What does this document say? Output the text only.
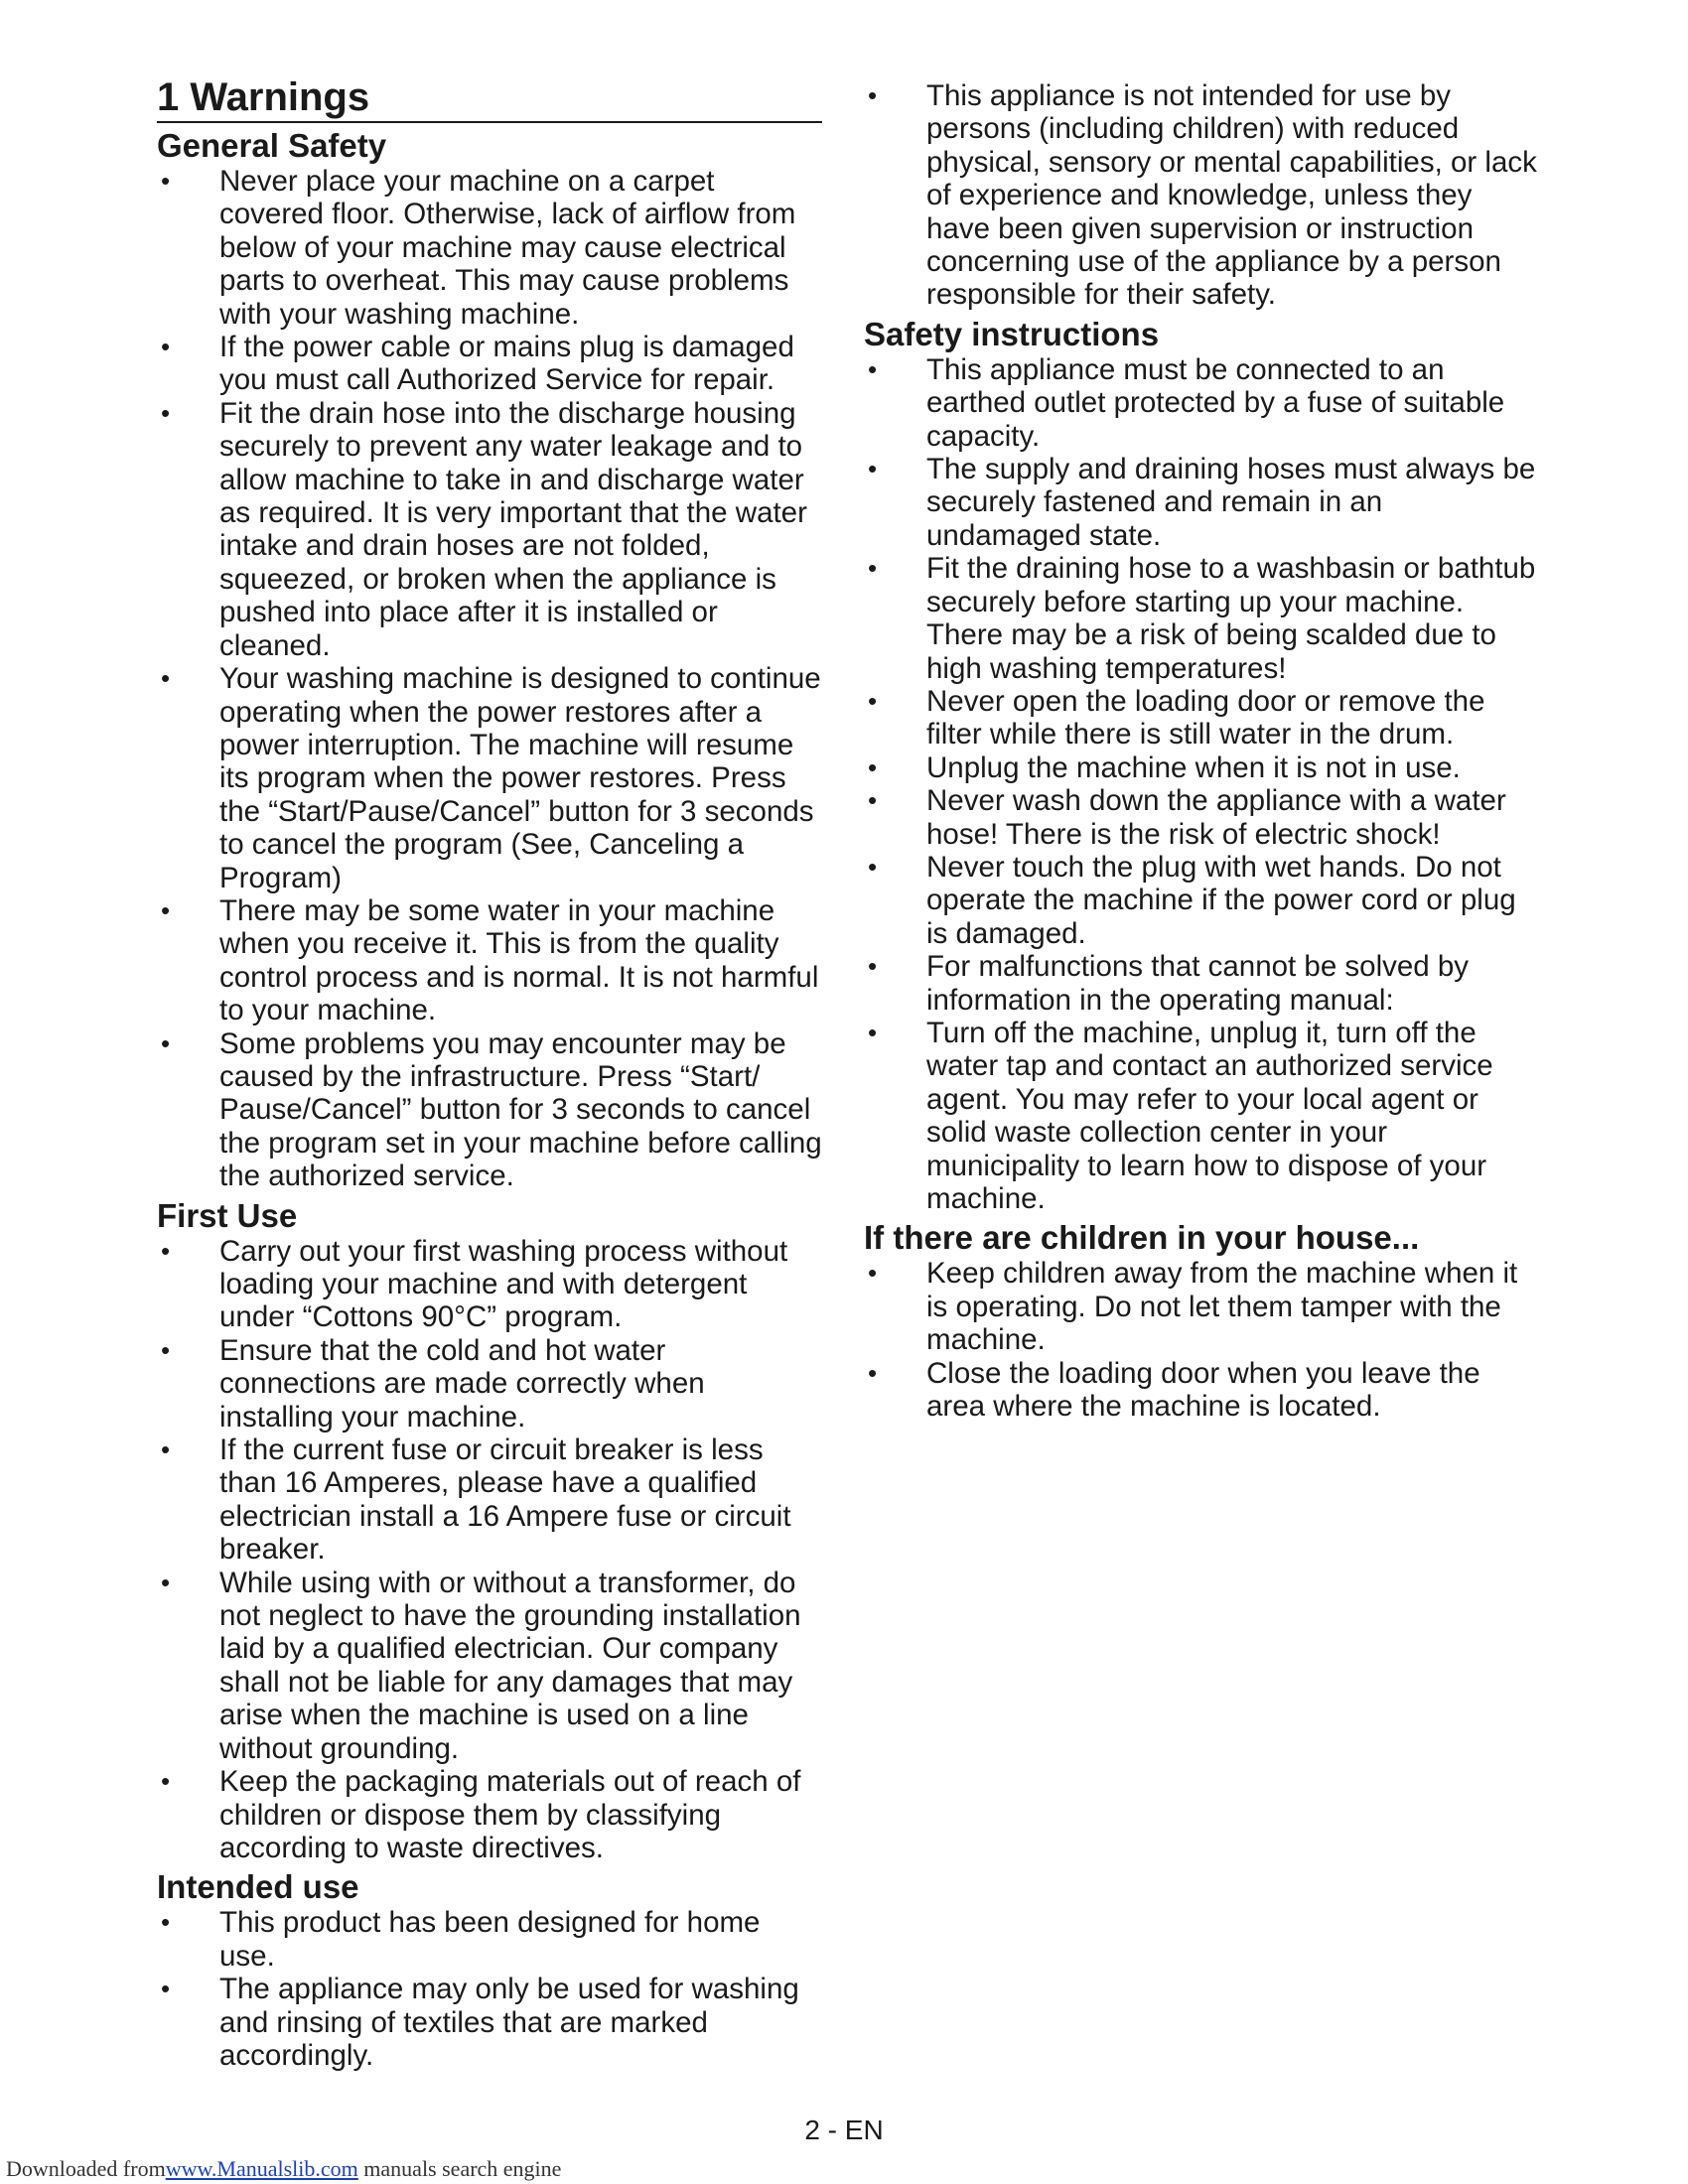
1 Warnings
General Safety
• Never place your machine on a carpet covered floor. Otherwise, lack of airflow from below of your machine may cause electrical parts to overheat. This may cause problems with your washing machine.
• If the power cable or mains plug is damaged you must call Authorized Service for repair.
• Fit the drain hose into the discharge housing securely to prevent any water leakage and to allow machine to take in and discharge water as required. It is very important that the water intake and drain hoses are not folded, squeezed, or broken when the appliance is pushed into place after it is installed or cleaned.
• Your washing machine is designed to continue operating when the power restores after a power interruption. The machine will resume its program when the power restores. Press the “Start/Pause/Cancel” button for 3 seconds to cancel the program (See, Canceling a Program)
• There may be some water in your machine when you receive it. This is from the quality control process and is normal. It is not harmful to your machine.
• Some problems you may encounter may be caused by the infrastructure. Press “Start/ Pause/Cancel” button for 3 seconds to cancel the program set in your machine before calling the authorized service.
First Use
• Carry out your first washing process without loading your machine and with detergent under “Cottons 90°C” program.
• Ensure that the cold and hot water connections are made correctly when installing your machine.
• If the current fuse or circuit breaker is less than 16 Amperes, please have a qualified electrician install a 16 Ampere fuse or circuit breaker.
• While using with or without a transformer, do not neglect to have the grounding installation laid by a qualified electrician. Our company shall not be liable for any damages that may arise when the machine is used on a line without grounding.
• Keep the packaging materials out of reach of children or dispose them by classifying according to waste directives.
Intended use
• This product has been designed for home use.
• The appliance may only be used for washing and rinsing of textiles that are marked accordingly.
• This appliance is not intended for use by persons (including children) with reduced physical, sensory or mental capabilities, or lack of experience and knowledge, unless they have been given supervision or instruction concerning use of the appliance by a person responsible for their safety.
Safety instructions
• This appliance must be connected to an earthed outlet protected by a fuse of suitable capacity.
• The supply and draining hoses must always be securely fastened and remain in an undamaged state.
• Fit the draining hose to a washbasin or bathtub securely before starting up your machine. There may be a risk of being scalded due to high washing temperatures!
• Never open the loading door or remove the filter while there is still water in the drum.
• Unplug the machine when it is not in use.
• Never wash down the appliance with a water hose! There is the risk of electric shock!
• Never touch the plug with wet hands. Do not operate the machine if the power cord or plug is damaged.
• For malfunctions that cannot be solved by information in the operating manual:
• Turn off the machine, unplug it, turn off the water tap and contact an authorized service agent. You may refer to your local agent or solid waste collection center in your municipality to learn how to dispose of your machine.
If there are children in your house...
• Keep children away from the machine when it is operating. Do not let them tamper with the machine.
• Close the loading door when you leave the area where the machine is located.
2 - EN
Downloaded fromwww.Manualslib.com manuals search engine
